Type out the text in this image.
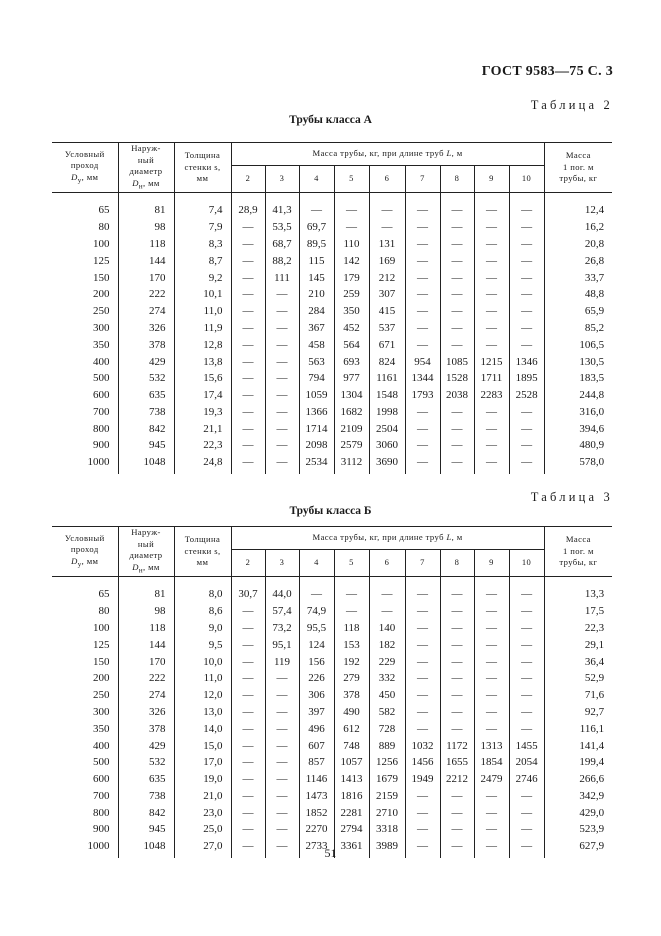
ГОСТ 9583—75 С. 3
Таблица 2
Трубы класса А
Условный
проход
$D_у$, мм	Наруж-
ный
диаметр
$D_н$, мм	Толщина
стенки s,
мм	Масса трубы, кг, при длине труб L, м									Масса
1 пог. м
трубы, кг
			2	3	4	5	6	7	8	9	10	
65	81	7,4	28,9	41,3	—	—	—	—	—	—	—	12,4
80	98	7,9	—	53,5	69,7	—	—	—	—	—	—	16,2
100	118	8,3	—	68,7	89,5	110	131	—	—	—	—	20,8
125	144	8,7	—	88,2	115	142	169	—	—	—	—	26,8
150	170	9,2	—	111	145	179	212	—	—	—	—	33,7
200	222	10,1	—	—	210	259	307	—	—	—	—	48,8
250	274	11,0	—	—	284	350	415	—	—	—	—	65,9
300	326	11,9	—	—	367	452	537	—	—	—	—	85,2
350	378	12,8	—	—	458	564	671	—	—	—	—	106,5
400	429	13,8	—	—	563	693	824	954	1085	1215	1346	130,5
500	532	15,6	—	—	794	977	1161	1344	1528	1711	1895	183,5
600	635	17,4	—	—	1059	1304	1548	1793	2038	2283	2528	244,8
700	738	19,3	—	—	1366	1682	1998	—	—	—	—	316,0
800	842	21,1	—	—	1714	2109	2504	—	—	—	—	394,6
900	945	22,3	—	—	2098	2579	3060	—	—	—	—	480,9
1000	1048	24,8	—	—	2534	3112	3690	—	—	—	—	578,0
Таблица 3
Трубы класса Б
Условный
проход
$D_у$, мм	Наруж-
ный
диаметр
$D_н$, мм	Толщина
стенки s,
мм	Масса трубы, кг, при длине труб L, м									Масса
1 пог. м
трубы, кг
			2	3	4	5	6	7	8	9	10	
65	81	8,0	30,7	44,0	—	—	—	—	—	—	—	13,3
80	98	8,6	—	57,4	74,9	—	—	—	—	—	—	17,5
100	118	9,0	—	73,2	95,5	118	140	—	—	—	—	22,3
125	144	9,5	—	95,1	124	153	182	—	—	—	—	29,1
150	170	10,0	—	119	156	192	229	—	—	—	—	36,4
200	222	11,0	—	—	226	279	332	—	—	—	—	52,9
250	274	12,0	—	—	306	378	450	—	—	—	—	71,6
300	326	13,0	—	—	397	490	582	—	—	—	—	92,7
350	378	14,0	—	—	496	612	728	—	—	—	—	116,1
400	429	15,0	—	—	607	748	889	1032	1172	1313	1455	141,4
500	532	17,0	—	—	857	1057	1256	1456	1655	1854	2054	199,4
600	635	19,0	—	—	1146	1413	1679	1949	2212	2479	2746	266,6
700	738	21,0	—	—	1473	1816	2159	—	—	—	—	342,9
800	842	23,0	—	—	1852	2281	2710	—	—	—	—	429,0
900	945	25,0	—	—	2270	2794	3318	—	—	—	—	523,9
1000	1048	27,0	—	—	2733	3361	3989	—	—	—	—	627,9
51
